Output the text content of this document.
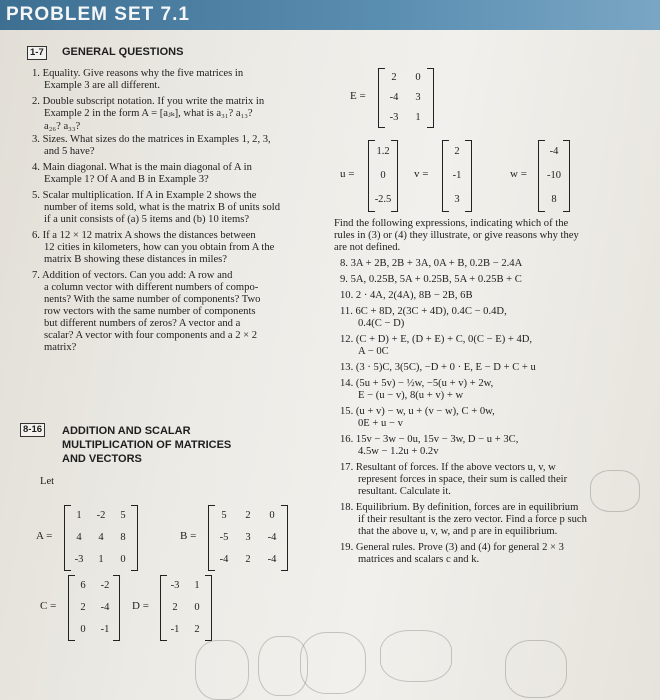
PROBLEM SET 7.1
1-7 GENERAL QUESTIONS
1. Equality. Give reasons why the five matrices in
Example 3 are all different.
2. Double subscript notation. If you write the matrix in
Example 2 in the form A = [aⱼₖ], what is a₃₁? a₁₃?
a₂₆? a₃₃?
3. Sizes. What sizes do the matrices in Examples 1, 2, 3,
and 5 have?
4. Main diagonal. What is the main diagonal of A in
Example 1? Of A and B in Example 3?
5. Scalar multiplication. If A in Example 2 shows the
number of items sold, what is the matrix B of units sold
if a unit consists of (a) 5 items and (b) 10 items?
6. If a 12 × 12 matrix A shows the distances between
12 cities in kilometers, how can you obtain from A the
matrix B showing these distances in miles?
7. Addition of vectors. Can you add: A row and
a column vector with different numbers of compo-
nents? With the same number of components? Two
row vectors with the same number of components
but different numbers of zeros? A vector and a
scalar? A vector with four components and a 2 × 2
matrix?
8-16 ADDITION AND SCALAR
MULTIPLICATION OF MATRICES
AND VECTORS
Let
A =
1	-2	5
4	4	8
-3	1	0
B =
5	2	0
-5	3	-4
-4	2	-4
C =
6	-2
2	-4
0	-1
D =
-3	1
2	0
-1	2
E =
2	0
-4	3
-3	1
u =
1.2
0
-2.5
v =
2
-1
3
w =
-4
-10
8
Find the following expressions, indicating which of the
rules in (3) or (4) they illustrate, or give reasons why they
are not defined.
8. 3A + 2B, 2B + 3A, 0A + B, 0.2B − 2.4A
9. 5A, 0.25B, 5A + 0.25B, 5A + 0.25B + C
10. 2 · 4A, 2(4A), 8B − 2B, 6B
11. 6C + 8D, 2(3C + 4D), 0.4C − 0.4D,
0.4(C − D)
12. (C + D) + E, (D + E) + C, 0(C − E) + 4D,
A − 0C
13. (3 · 5)C, 3(5C), −D + 0 · E, E − D + C + u
14. (5u + 5v) − ½w, −5(u + v) + 2w,
E − (u − v), 8(u + v) + w
15. (u + v) − w, u + (v − w), C + 0w,
0E + u − v
16. 15v − 3w − 0u, 15v − 3w, D − u + 3C,
4.5w − 1.2u + 0.2v
17. Resultant of forces. If the above vectors u, v, w
represent forces in space, their sum is called their
resultant. Calculate it.
18. Equilibrium. By definition, forces are in equilibrium
if their resultant is the zero vector. Find a force p such
that the above u, v, w, and p are in equilibrium.
19. General rules. Prove (3) and (4) for general 2 × 3
matrices and scalars c and k.
